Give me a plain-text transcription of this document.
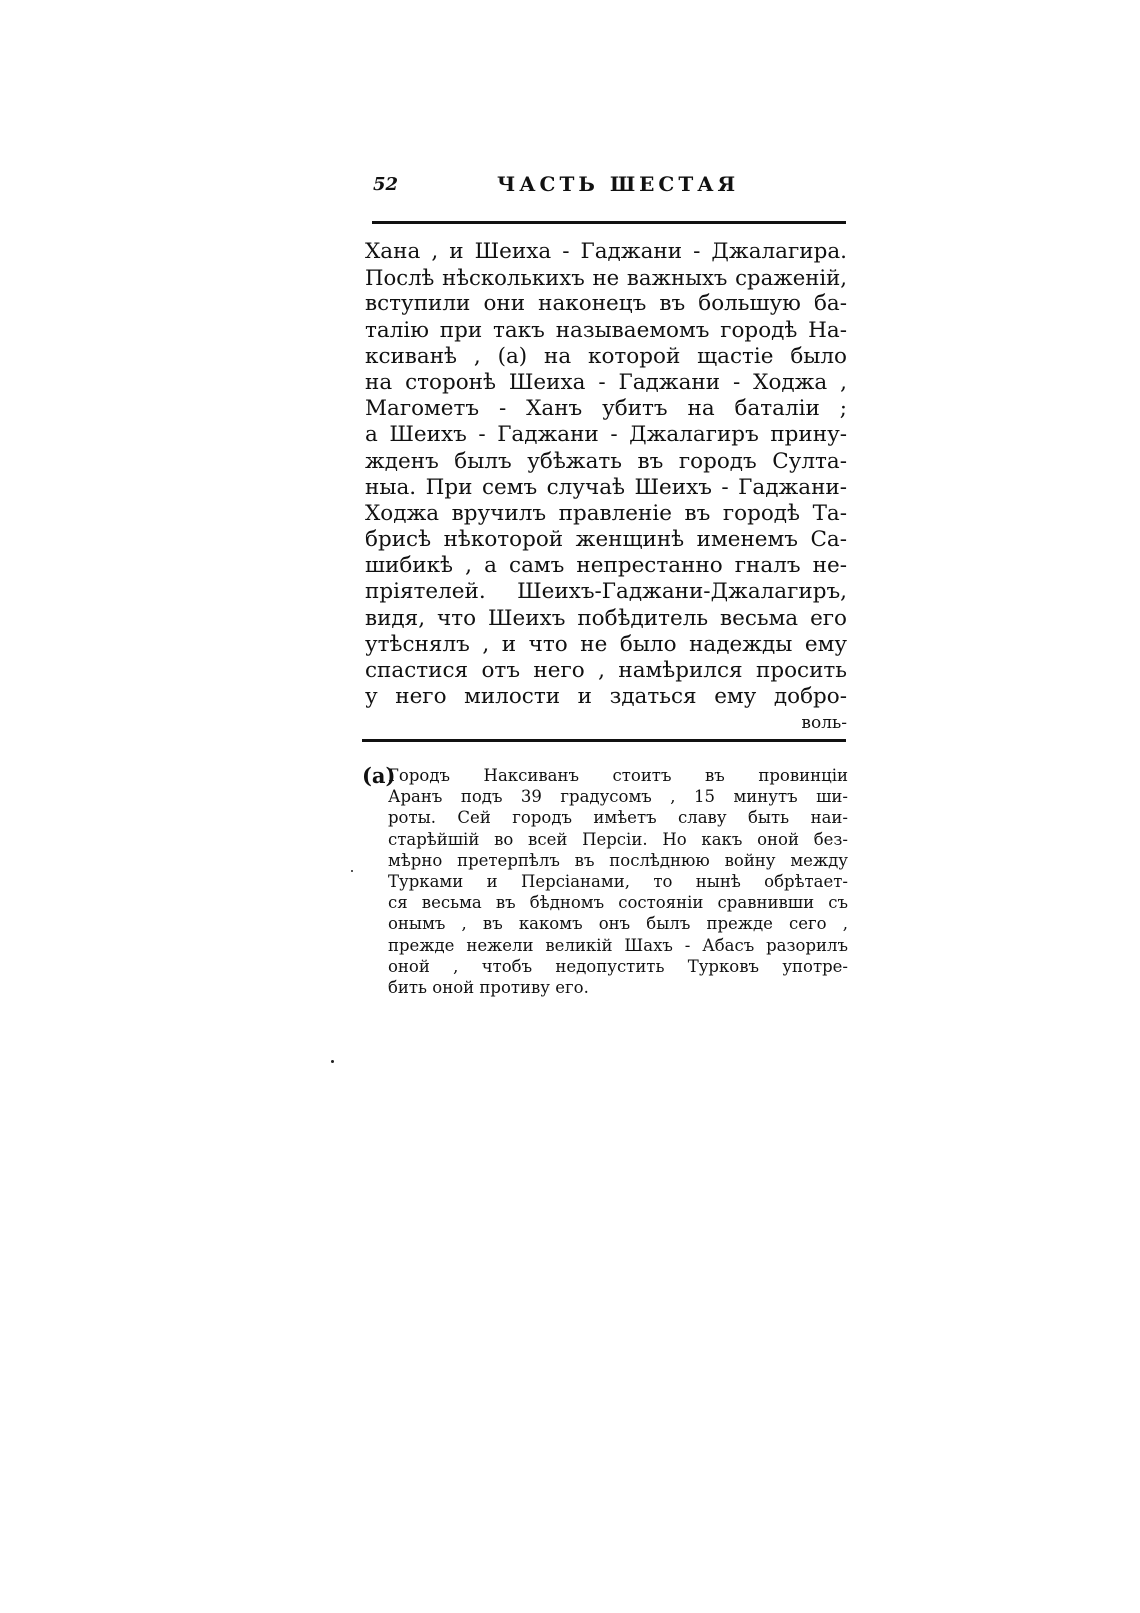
52	ЧАСТЬ ШЕСТАЯ
Хана , и Шеиха - Гаджани - Джалагира.
Послѣ нѣсколькихъ не важныхъ сраженій,
вступили они наконецъ въ большую ба-
талію при такъ называемомъ городѣ На-
ксиванѣ , (а) на которой щастіе было
на сторонѣ Шеиха - Гаджани - Ходжа ,
Магометъ - Ханъ убитъ на баталіи ;
а Шеихъ - Гаджани - Джалагиръ прину-
жденъ былъ убѣжать въ городъ Султа-
ныа. При семъ случаѣ Шеихъ - Гаджани-
Ходжа вручилъ правленіе въ городѣ Та-
брисѣ нѣкоторой женщинѣ именемъ Са-
шибикѣ , а самъ непрестанно гналъ не-
пріятелей. Шеихъ-Гаджани-Джалагиръ,
видя, что Шеихъ побѣдитель весьма его
утѣснялъ , и что не было надежды ему
спастися отъ него , намѣрился просить
у него милости и здаться ему добро-
воль-
(а)
Городъ Наксиванъ стоитъ въ провинціи
Аранъ подъ 39 градусомъ , 15 минутъ ши-
роты. Сей городъ имѣетъ славу быть наи-
старѣйшій во всей Персіи. Но какъ оной без-
мѣрно претерпѣлъ въ послѣднюю войну между
Турками и Персіанами, то нынѣ обрѣтает-
ся весьма въ бѣдномъ состояніи сравнивши съ
онымъ , въ какомъ онъ былъ прежде сего ,
прежде нежели великій Шахъ - Абасъ разорилъ
оной , чтобъ недопустить Турковъ употре-
бить оной противу его.
